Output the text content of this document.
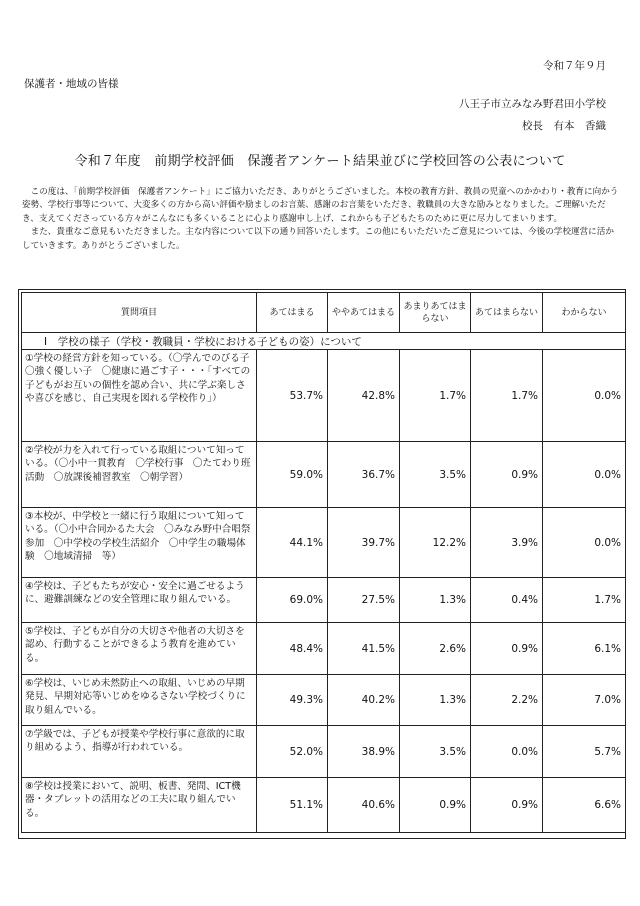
令和７年９月
保護者・地域の皆様
八王子市立みなみ野君田小学校
校長　有本　香織
令和７年度　前期学校評価　保護者アンケート結果並びに学校回答の公表について

この度は、「前期学校評価　保護者アンケート」にご協力いただき、ありがとうございました。本校の教育方針、教員の児童へのかかわり・教育に向かう姿勢、学校行事等について、大変多くの方から高い評価や励ましのお言葉、感謝のお言葉をいただき、教職員の大きな励みとなりました。ご理解いただき、支えてくださっている方々がこんなにも多くいることに心より感謝申し上げ、これからも子どもたちのために更に尽力してまいります。

また、貴重なご意見もいただきました。主な内容について以下の通り回答いたします。この他にもいただいたご意見については、今後の学校運営に活かしていきます。ありがとうございました。

質問項目	あてはまる	ややあてはまる	あまりあてはまらない	あてはまらない	わからない
Ⅰ　学校の様子（学校・教職員・学校における子どもの姿）について					
①学校の経営方針を知っている。（〇学んでのびる子　〇強く優しい子　〇健康に過ごす子・・・「すべての子どもがお互いの個性を認め合い、共に学ぶ楽しさや喜びを感じ、自己実現を図れる学校作り」）	53.7%	42.8%	1.7%	1.7%	0.0%
②学校が力を入れて行っている取組について知っている。（〇小中一貫教育　〇学校行事　〇たてわり班活動　〇放課後補習教室　〇朝学習）	59.0%	36.7%	3.5%	0.9%	0.0%
③本校が、中学校と一緒に行う取組について知っている。（〇小中合同かるた大会　〇みなみ野中合唱祭参加　〇中学校の学校生活紹介　〇中学生の職場体験　〇地域清掃　等）	44.1%	39.7%	12.2%	3.9%	0.0%
④学校は、子どもたちが安心・安全に過ごせるように、避難訓練などの安全管理に取り組んでいる。	69.0%	27.5%	1.3%	0.4%	1.7%
⑤学校は、子どもが自分の大切さや他者の大切さを認め、行動することができるよう教育を進めている。	48.4%	41.5%	2.6%	0.9%	6.1%
⑥学校は、いじめ未然防止への取組、いじめの早期発見、早期対応等いじめをゆるさない学校づくりに取り組んでいる。	49.3%	40.2%	1.3%	2.2%	7.0%
⑦学級では、子どもが授業や学校行事に意欲的に取り組めるよう、指導が行われている。	52.0%	38.9%	3.5%	0.0%	5.7%
⑧学校は授業において、説明、板書、発問、ICT機器・タブレットの活用などの工夫に取り組んでいる。	51.1%	40.6%	0.9%	0.9%	6.6%
